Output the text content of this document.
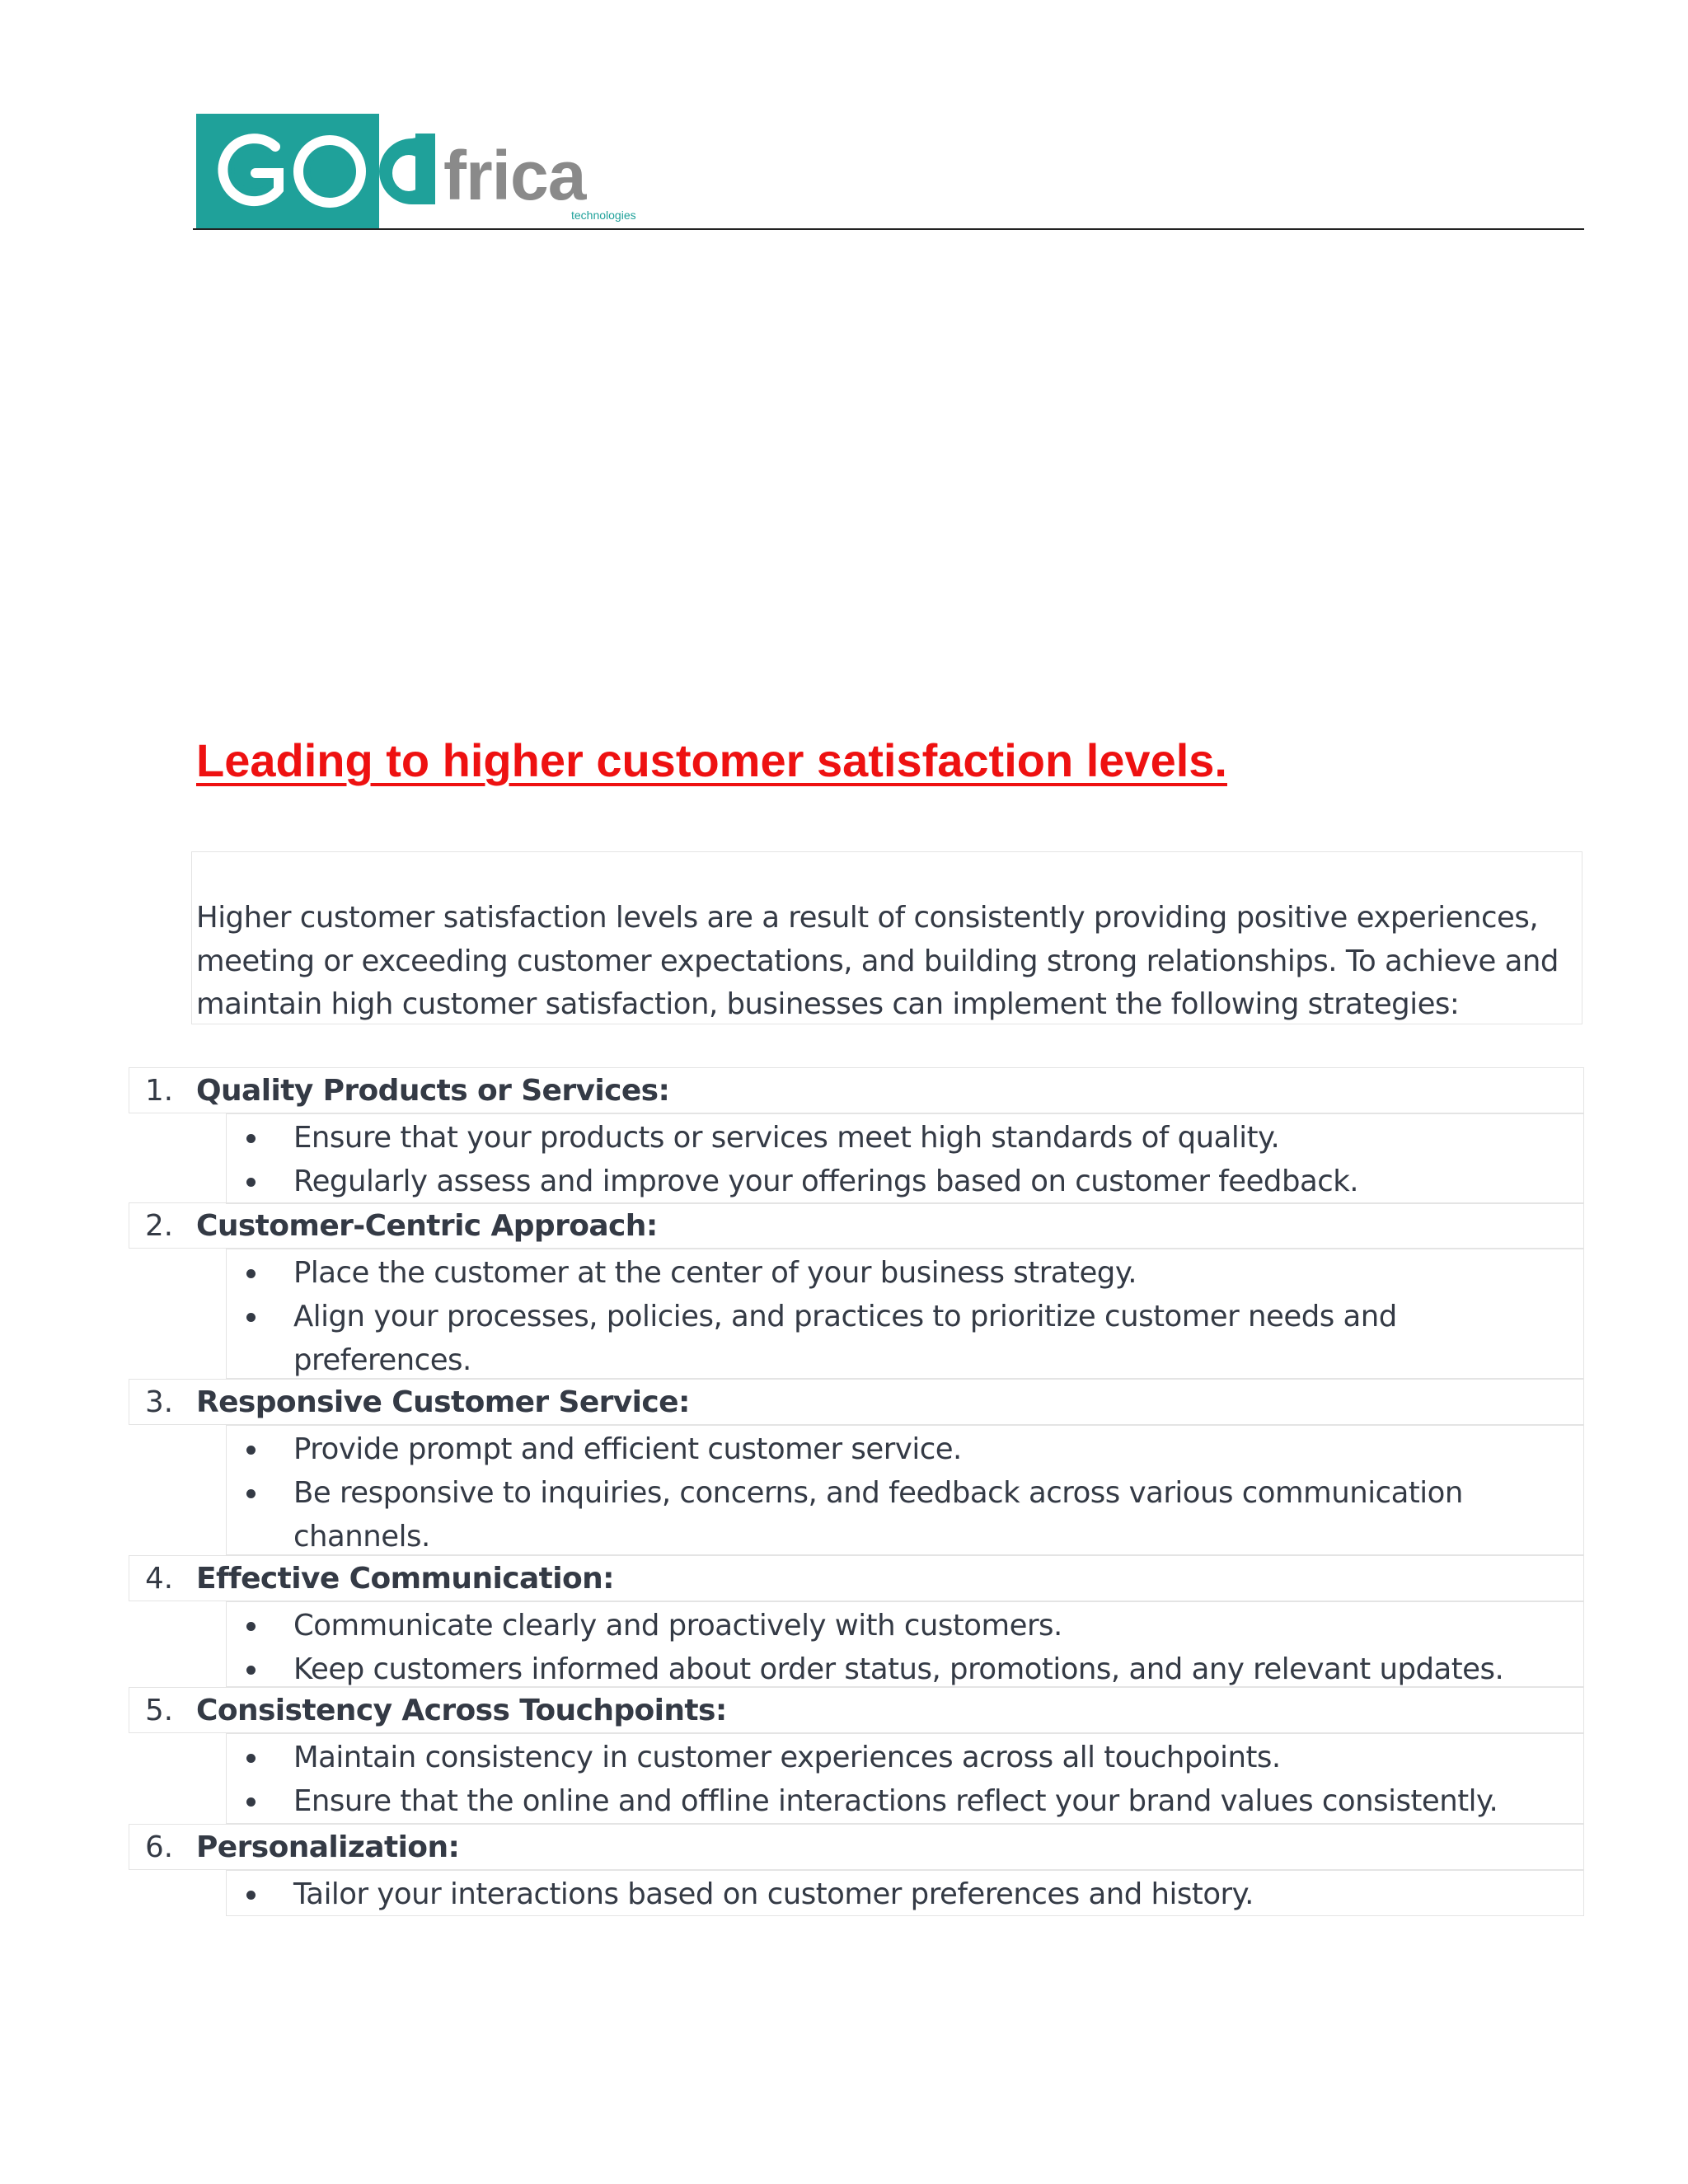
frica
technologies
Leading to higher customer satisfaction levels.

Higher customer satisfaction levels are a result of consistently providing positive experiences, meeting or exceeding customer expectations, and building strong relationships. To achieve and maintain high customer satisfaction, businesses can implement the following strategies:

1. Quality Products or Services:
Ensure that your products or services meet high standards of quality.
Regularly assess and improve your offerings based on customer feedback.
2. Customer-Centric Approach:
Place the customer at the center of your business strategy.
Align your processes, policies, and practices to prioritize customer needs and preferences.
3. Responsive Customer Service:
Provide prompt and efficient customer service.
Be responsive to inquiries, concerns, and feedback across various communication channels.
4. Effective Communication:
Communicate clearly and proactively with customers.
Keep customers informed about order status, promotions, and any relevant updates.
5. Consistency Across Touchpoints:
Maintain consistency in customer experiences across all touchpoints.
Ensure that the online and offline interactions reflect your brand values consistently.
6. Personalization:
Tailor your interactions based on customer preferences and history.
